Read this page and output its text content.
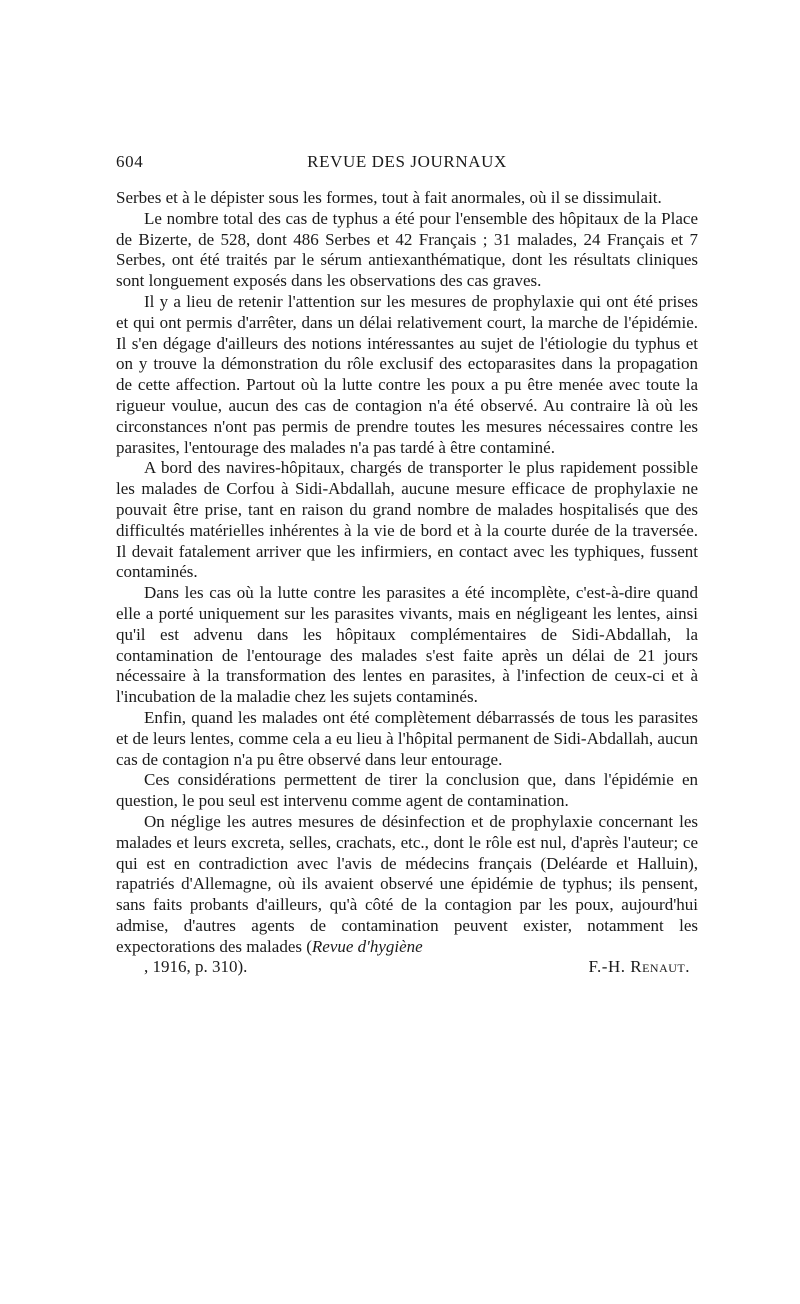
604	REVUE DES JOURNAUX

Serbes et à le dépister sous les formes, tout à fait anormales, où il se dissimulait.

Le nombre total des cas de typhus a été pour l'ensemble des hôpitaux de la Place de Bizerte, de 528, dont 486 Serbes et 42 Français ; 31 malades, 24 Français et 7 Serbes, ont été traités par le sérum antiexanthématique, dont les résultats cliniques sont longuement exposés dans les observations des cas graves.

Il y a lieu de retenir l'attention sur les mesures de prophylaxie qui ont été prises et qui ont permis d'arrêter, dans un délai relativement court, la marche de l'épidémie. Il s'en dégage d'ailleurs des notions intéressantes au sujet de l'étiologie du typhus et on y trouve la démonstration du rôle exclusif des ectoparasites dans la propagation de cette affection. Partout où la lutte contre les poux a pu être menée avec toute la rigueur voulue, aucun des cas de contagion n'a été observé. Au contraire là où les circonstances n'ont pas permis de prendre toutes les mesures nécessaires contre les parasites, l'entourage des malades n'a pas tardé à être contaminé.

A bord des navires-hôpitaux, chargés de transporter le plus rapidement possible les malades de Corfou à Sidi-Abdallah, aucune mesure efficace de prophylaxie ne pouvait être prise, tant en raison du grand nombre de malades hospitalisés que des difficultés matérielles inhérentes à la vie de bord et à la courte durée de la traversée. Il devait fatalement arriver que les infirmiers, en contact avec les typhiques, fussent contaminés.

Dans les cas où la lutte contre les parasites a été incomplète, c'est-à-dire quand elle a porté uniquement sur les parasites vivants, mais en négligeant les lentes, ainsi qu'il est advenu dans les hôpitaux complémentaires de Sidi-Abdallah, la contamination de l'entourage des malades s'est faite après un délai de 21 jours nécessaire à la transformation des lentes en parasites, à l'infection de ceux-ci et à l'incubation de la maladie chez les sujets contaminés.

Enfin, quand les malades ont été complètement débarrassés de tous les parasites et de leurs lentes, comme cela a eu lieu à l'hôpital permanent de Sidi-Abdallah, aucun cas de contagion n'a pu être observé dans leur entourage.

Ces considérations permettent de tirer la conclusion que, dans l'épidémie en question, le pou seul est intervenu comme agent de contamination.

On néglige les autres mesures de désinfection et de prophylaxie concernant les malades et leurs excreta, selles, crachats, etc., dont le rôle est nul, d'après l'auteur; ce qui est en contradiction avec l'avis de médecins français (Deléarde et Halluin), rapatriés d'Allemagne, où ils avaient observé une épidémie de typhus; ils pensent, sans faits probants d'ailleurs, qu'à côté de la contagion par les poux, aujourd'hui admise, d'autres agents de contamination peuvent exister, notamment les expectorations des malades (Revue d'hygiène
, 1916, p. 310).	F.-H. Renaut.
